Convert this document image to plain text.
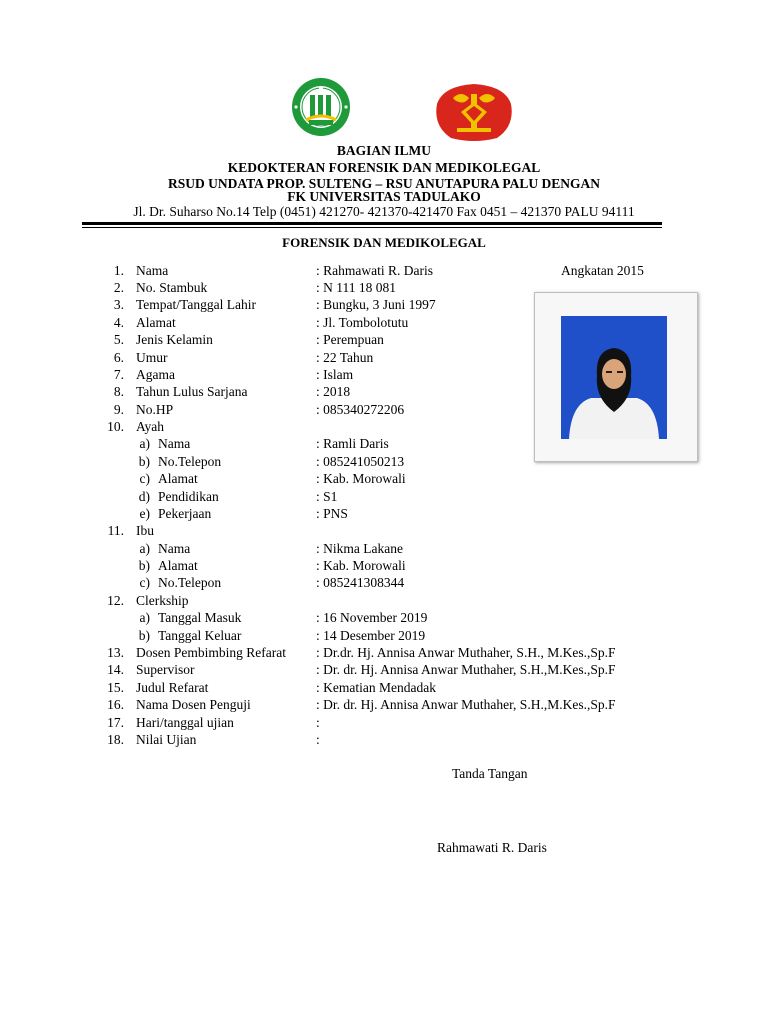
BAGIAN ILMU
KEDOKTERAN FORENSIK DAN MEDIKOLEGAL
RSUD UNDATA PROP. SULTENG – RSU ANUTAPURA PALU DENGAN
FK UNIVERSITAS TADULAKO
Jl. Dr. Suharso No.14 Telp (0451) 421270- 421370-421470 Fax 0451 – 421370 PALU 94111
FORENSIK DAN MEDIKOLEGAL
Angkatan 2015
1. Nama	: Rahmawati R. Daris
2. No. Stambuk	: N 111 18 081
3. Tempat/Tanggal Lahir	: Bungku, 3 Juni 1997
4. Alamat	: Jl. Tombolotutu
5. Jenis Kelamin	: Perempuan
6. Umur	: 22 Tahun
7. Agama	: Islam
8. Tahun Lulus Sarjana	: 2018
9. No.HP	: 085340272206
10. Ayah
a) Nama	: Ramli Daris
b) No.Telepon	: 085241050213
c) Alamat	: Kab. Morowali
d) Pendidikan	: S1
e) Pekerjaan	: PNS
11. Ibu
a) Nama	: Nikma Lakane
b) Alamat	: Kab. Morowali
c) No.Telepon	: 085241308344
12. Clerkship
a) Tanggal Masuk	: 16 November 2019
b) Tanggal Keluar	: 14 Desember 2019
13. Dosen Pembimbing Refarat : Dr.dr. Hj. Annisa Anwar Muthaher, S.H., M.Kes.,Sp.F
14. Supervisor	: Dr. dr. Hj. Annisa Anwar Muthaher, S.H.,M.Kes.,Sp.F
15. Judul Refarat	: Kematian Mendadak
16. Nama Dosen Penguji	: Dr. dr. Hj. Annisa Anwar Muthaher, S.H.,M.Kes.,Sp.F
17. Hari/tanggal ujian	:
18. Nilai Ujian	:
Tanda Tangan
Rahmawati R. Daris
